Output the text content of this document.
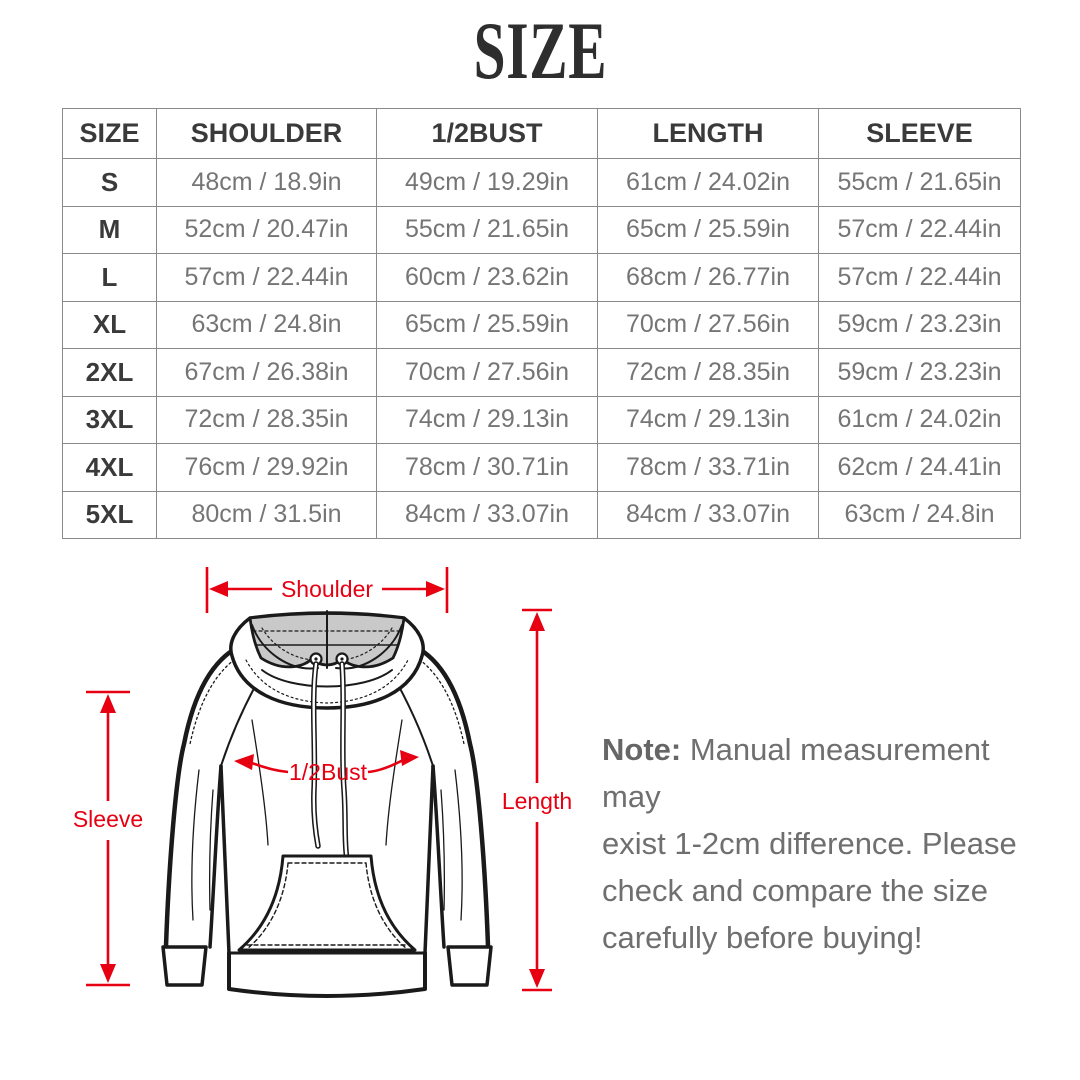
SIZE
SIZE	SHOULDER	1/2BUST	LENGTH	SLEEVE
S	48cm / 18.9in	49cm / 19.29in	61cm / 24.02in	55cm / 21.65in
M	52cm / 20.47in	55cm / 21.65in	65cm / 25.59in	57cm / 22.44in
L	57cm / 22.44in	60cm / 23.62in	68cm / 26.77in	57cm / 22.44in
XL	63cm / 24.8in	65cm / 25.59in	70cm / 27.56in	59cm / 23.23in
2XL	67cm / 26.38in	70cm / 27.56in	72cm / 28.35in	59cm / 23.23in
3XL	72cm / 28.35in	74cm / 29.13in	74cm / 29.13in	61cm / 24.02in
4XL	76cm / 29.92in	78cm / 30.71in	78cm / 33.71in	62cm / 24.41in
5XL	80cm / 31.5in	84cm / 33.07in	84cm / 33.07in	63cm / 24.8in
Shoulder
1/2Bust
Length
Sleeve
Note: Manual measurement may
exist 1-2cm difference. Please
check and compare the size
carefully before buying!
